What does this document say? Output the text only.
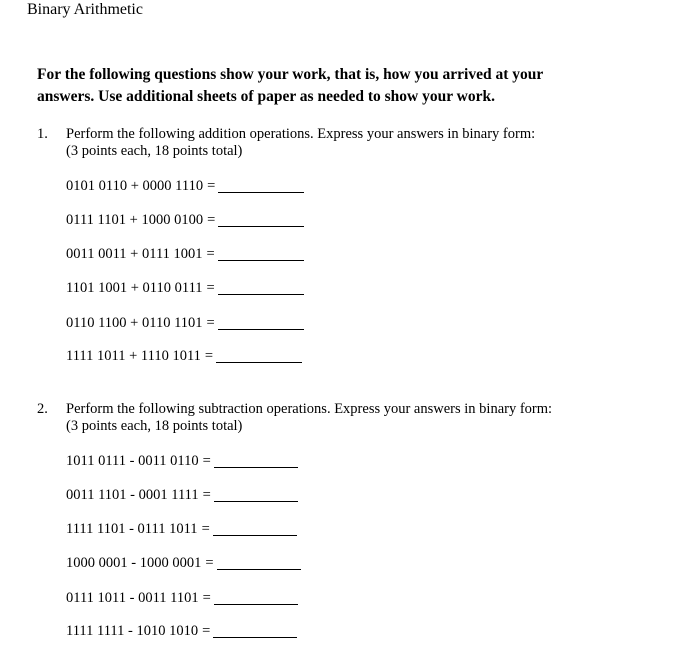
Binary Arithmetic
For the following questions show your work, that is, how you arrived at your
answers. Use additional sheets of paper as needed to show your work.
1. Perform the following addition operations. Express your answers in binary form:
(3 points each, 18 points total)
0101 0110 + 0000 1110 =
0111 1101 + 1000 0100 =
0011 0011 + 0111 1001 =
1101 1001 + 0110 0111 =
0110 1100 + 0110 1101 =
1111 1011 + 1110 1011 =
2. Perform the following subtraction operations. Express your answers in binary form:
(3 points each, 18 points total)
1011 0111 - 0011 0110 =
0011 1101 - 0001 1111 =
1111 1101 - 0111 1011 =
1000 0001 - 1000 0001 =
0111 1011 - 0011 1101 =
1111 1111 - 1010 1010 =
